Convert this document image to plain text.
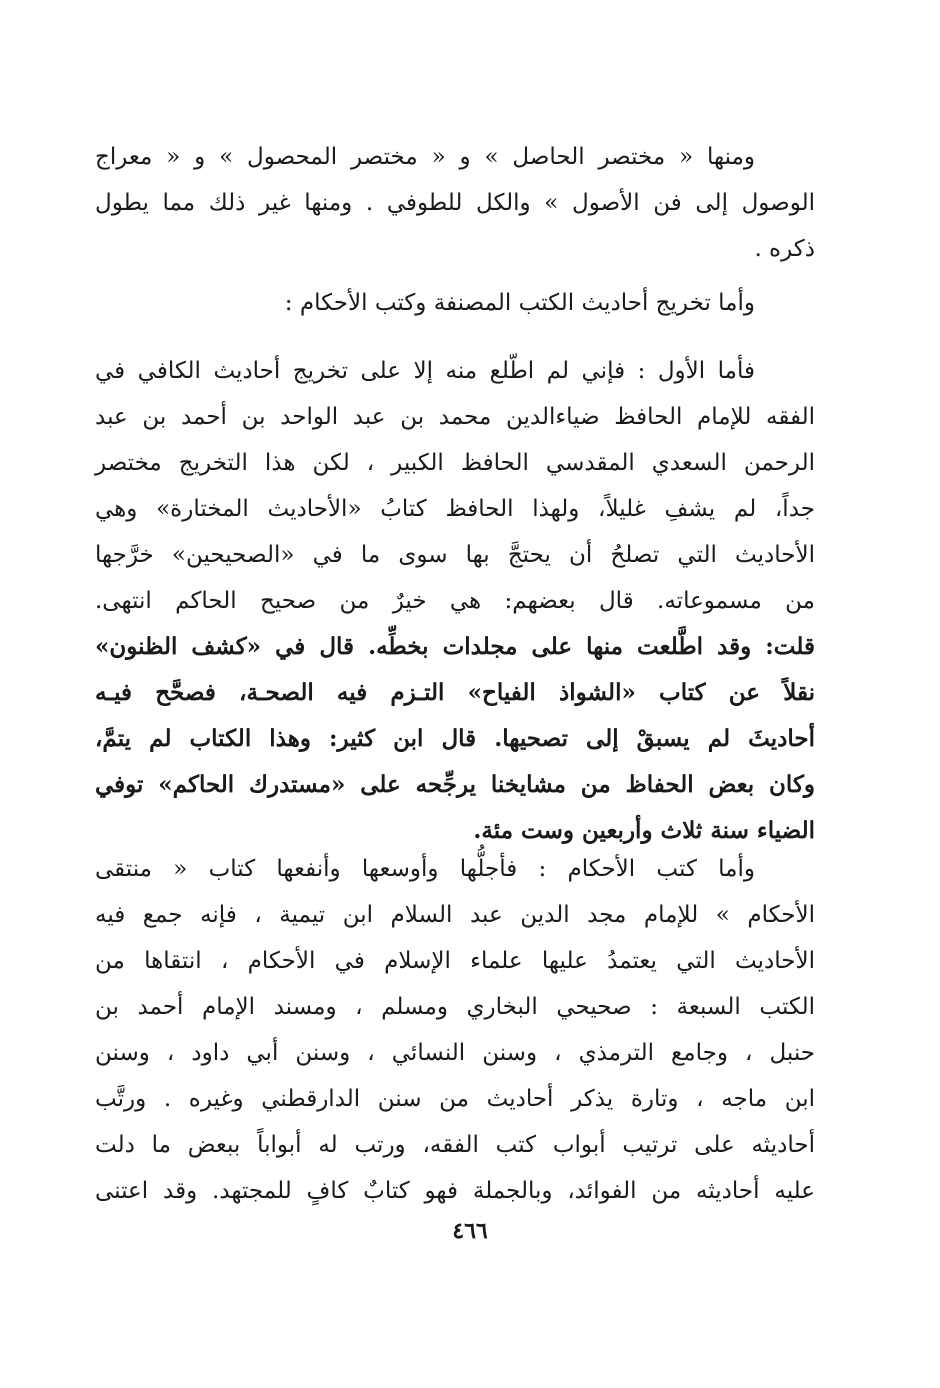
ومنها « مختصر الحاصل » و « مختصر المحصول » و « معراج
الوصول إلى فن الأصول » والكل للطوفي . ومنها غير ذلك مما يطول
ذكره .
وأما تخريج أحاديث الكتب المصنفة وكتب الأحكام :
فأما الأول : فإني لم اطّلع منه إلا على تخريج أحاديث الكافي في
الفقه للإمام الحافظ ضياءالدين محمد بن عبد الواحد بن أحمد بن عبد
الرحمن السعدي المقدسي الحافظ الكبير ، لكن هذا التخريج مختصر
جداً، لم يشفِ غليلاً، ولهذا الحافظ كتابُ «الأحاديث المختارة» وهي
الأحاديث التي تصلحُ أن يحتجَّ بها سوى ما في «الصحيحين» خرَّجها
من مسموعاته. قال بعضهم: هي خيرٌ من صحيح الحاكم انتهى.
قلت: وقد اطَّلعت منها على مجلدات بخطِّه. قال في «كشف الظنون»
نقلاً عن كتاب «الشواذ الفياح» التـزم فيه الصحـة، فصحَّح فيـه
أحاديثَ لم يسبقْ إلى تصحيها. قال ابن كثير: وهذا الكتاب لم يتمَّ،
وكان بعض الحفاظ من مشايخنا يرجِّحه على «مستدرك الحاكم» توفي
الضياء سنة ثلاث وأربعين وست مئة.
وأما كتب الأحكام : فأجلُّها وأوسعها وأنفعها كتاب « منتقى
الأحكام » للإمام مجد الدين عبد السلام ابن تيمية ، فإنه جمع فيه
الأحاديث التي يعتمدُ عليها علماء الإسلام في الأحكام ، انتقاها من
الكتب السبعة : صحيحي البخاري ومسلم ، ومسند الإمام أحمد بن
حنبل ، وجامع الترمذي ، وسنن النسائي ، وسنن أبي داود ، وسنن
ابن ماجه ، وتارة يذكر أحاديث من سنن الدارقطني وغيره . ورتَّب
أحاديثه على ترتيب أبواب كتب الفقه، ورتب له أبواباً ببعض ما دلت
عليه أحاديثه من الفوائد، وبالجملة فهو كتابٌ كافٍ للمجتهد. وقد اعتنى
٤٦٦
